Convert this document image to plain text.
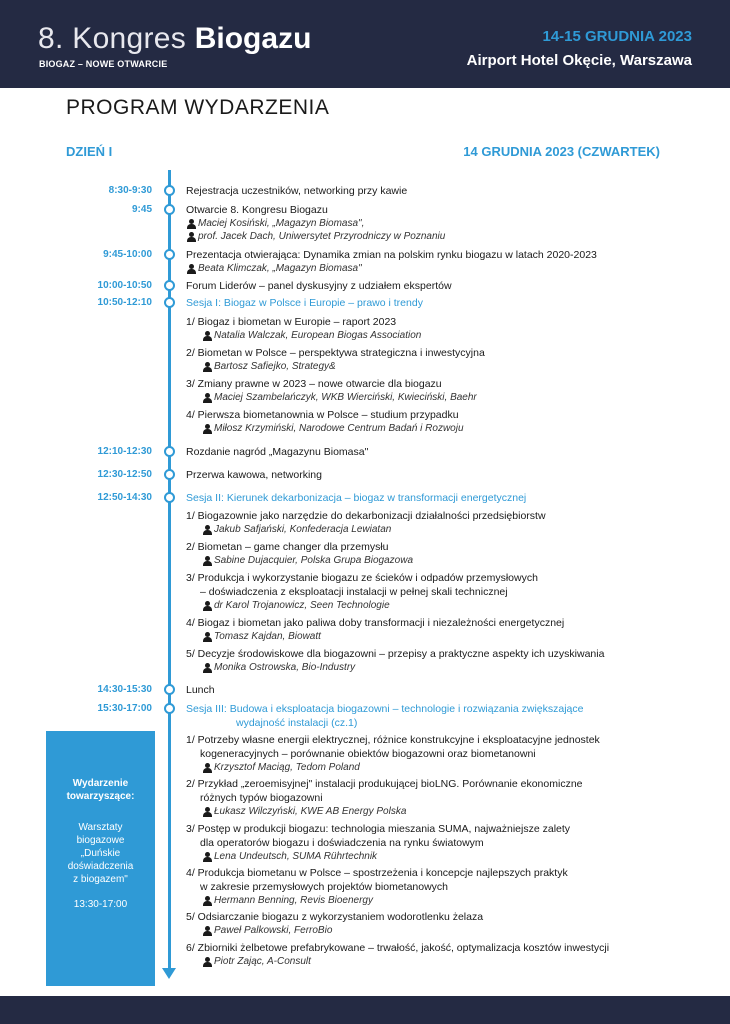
8. Kongres Biogazu
BIOGAZ – NOWE OTWARCIE
14-15 GRUDNIA 2023
Airport Hotel Okęcie, Warszawa
PROGRAM WYDARZENIA
DZIEŃ I	14 GRUDNIA 2023 (CZWARTEK)
Wydarzenie towarzyszące:
Warsztaty
biogazowe
„Duńskie
doświadczenia
z biogazem"
13:30-17:00
8:30-9:30	Rejestracja uczestników, networking przy kawie
9:45	Otwarcie 8. Kongresu Biogazu
Maciej Kosiński, „Magazyn Biomasa",
prof. Jacek Dach, Uniwersytet Przyrodniczy w Poznaniu
9:45-10:00	Prezentacja otwierająca: Dynamika zmian na polskim rynku biogazu w latach 2020-2023
Beata Klimczak, „Magazyn Biomasa"
10:00-10:50	Forum Liderów – panel dyskusyjny z udziałem ekspertów
10:50-12:10	Sesja I: Biogaz w Polsce i Europie – prawo i trendy
1/ Biogaz i biometan w Europie – raport 2023
Natalia Walczak, European Biogas Association
2/ Biometan w Polsce – perspektywa strategiczna i inwestycyjna
Bartosz Safiejko, Strategy&
3/ Zmiany prawne w 2023 – nowe otwarcie dla biogazu
Maciej Szambelańczyk, WKB Wierciński, Kwieciński, Baehr
4/ Pierwsza biometanownia w Polsce – studium przypadku
Miłosz Krzymiński, Narodowe Centrum Badań i Rozwoju
12:10-12:30	Rozdanie nagród „Magazynu Biomasa"
12:30-12:50	Przerwa kawowa, networking
12:50-14:30	Sesja II: Kierunek dekarbonizacja – biogaz w transformacji energetycznej
1/ Biogazownie jako narzędzie do dekarbonizacji działalności przedsiębiorstw
Jakub Safjański, Konfederacja Lewiatan
2/ Biometan – game changer dla przemysłu
Sabine Dujacquier, Polska Grupa Biogazowa
3/ Produkcja i wykorzystanie biogazu ze ścieków i odpadów przemysłowych
– doświadczenia z eksploatacji instalacji w pełnej skali technicznej
dr Karol Trojanowicz, Seen Technologie
4/ Biogaz i biometan jako paliwa doby transformacji i niezależności energetycznej
Tomasz Kajdan, Biowatt
5/ Decyzje środowiskowe dla biogazowni – przepisy a praktyczne aspekty ich uzyskiwania
Monika Ostrowska, Bio-Industry
14:30-15:30	Lunch
15:30-17:00	Sesja III: Budowa i eksploatacja biogazowni – technologie i rozwiązania zwiększające
wydajność instalacji (cz.1)
1/ Potrzeby własne energii elektrycznej, różnice konstrukcyjne i eksploatacyjne jednostek
kogeneracyjnych – porównanie obiektów biogazowni oraz biometanowni
Krzysztof Maciąg, Tedom Poland
2/ Przykład „zeroemisyjnej" instalacji produkującej bioLNG. Porównanie ekonomiczne
różnych typów biogazowni
Łukasz Wilczyński, KWE AB Energy Polska
3/ Postęp w produkcji biogazu: technologia mieszania SUMA, najważniejsze zalety
dla operatorów biogazu i doświadczenia na rynku światowym
Lena Undeutsch, SUMA Rührtechnik
4/ Produkcja biometanu w Polsce – spostrzeżenia i koncepcje najlepszych praktyk
w zakresie przemysłowych projektów biometanowych
Hermann Benning, Revis Bioenergy
5/ Odsiarczanie biogazu z wykorzystaniem wodorotlenku żelaza
Paweł Palkowski, FerroBio
6/ Zbiorniki żelbetowe prefabrykowane – trwałość, jakość, optymalizacja kosztów inwestycji
Piotr Zając, A-Consult
